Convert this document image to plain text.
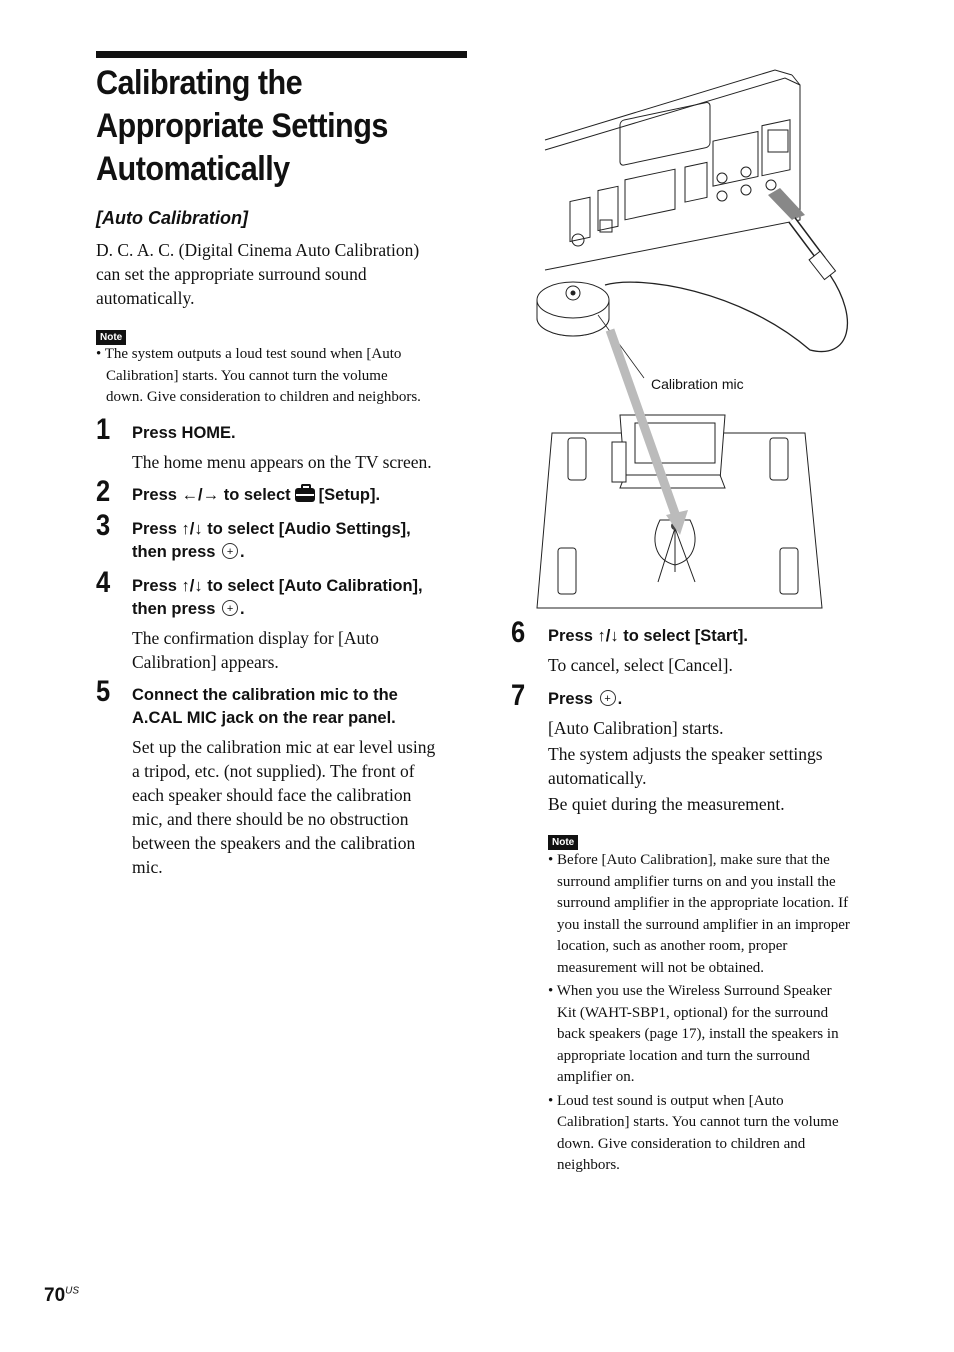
Calibrating the
Appropriate Settings
Automatically
[Auto Calibration]
D. C. A. C. (Digital Cinema Auto Calibration)
can set the appropriate surround sound
automatically.
Note
• The system outputs a loud test sound when [Auto
Calibration] starts. You cannot turn the volume
down. Give consideration to children and neighbors.
1 Press HOME.
The home menu appears on the TV screen.
2 Press ←/→ to select [Setup].
3 Press ↑/↓ to select [Audio Settings],
then press + .
4 Press ↑/↓ to select [Auto Calibration],
then press + .
The confirmation display for [Auto
Calibration] appears.
5 Connect the calibration mic to the
A.CAL MIC jack on the rear panel.
Set up the calibration mic at ear level using
a tripod, etc. (not supplied). The front of
each speaker should face the calibration
mic, and there should be no obstruction
between the speakers and the calibration
mic.
Calibration mic
6 Press ↑/↓ to select [Start].
To cancel, select [Cancel].
7 Press + .
[Auto Calibration] starts.
The system adjusts the speaker settings
automatically.
Be quiet during the measurement.
Note
• Before [Auto Calibration], make sure that the
surround amplifier turns on and you install the
surround amplifier in the appropriate location. If
you install the surround amplifier in an improper
location, such as another room, proper
measurement will not be obtained.
• When you use the Wireless Surround Speaker
Kit (WAHT-SBP1, optional) for the surround
back speakers (page 17), install the speakers in
appropriate location and turn the surround
amplifier on.
• Loud test sound is output when [Auto
Calibration] starts. You cannot turn the volume
down. Give consideration to children and
neighbors.
$70^{US}$
